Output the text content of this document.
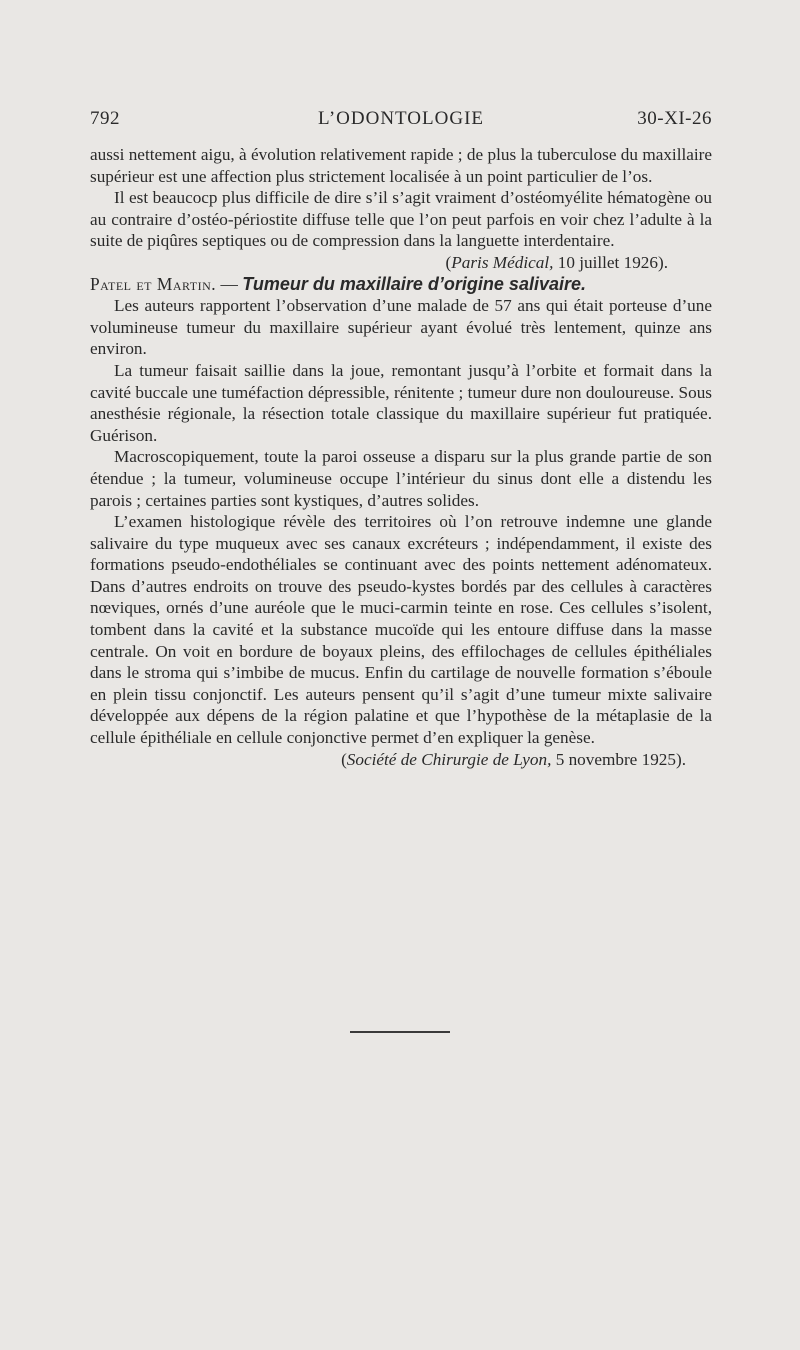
792	L’ODONTOLOGIE	30-XI-26

aussi nettement aigu, à évolution relativement rapide ; de plus la tuberculose du maxillaire supérieur est une affection plus strictement localisée à un point particulier de l’os.

Il est beaucocp plus difficile de dire s’il s’agit vraiment d’ostéomyélite hématogène ou au contraire d’ostéo-périostite diffuse telle que l’on peut parfois en voir chez l’adulte à la suite de piqûres septiques ou de compression dans la languette interdentaire.

(Paris Médical, 10 juillet 1926).

Patel et Martin. — Tumeur du maxillaire d’origine salivaire.

Les auteurs rapportent l’observation d’une malade de 57 ans qui était porteuse d’une volumineuse tumeur du maxillaire supérieur ayant évolué très lentement, quinze ans environ.

La tumeur faisait saillie dans la joue, remontant jusqu’à l’orbite et formait dans la cavité buccale une tuméfaction dépressible, rénitente ; tumeur dure non douloureuse. Sous anesthésie régionale, la résection totale classique du maxillaire supérieur fut pratiquée. Guérison.

Macroscopiquement, toute la paroi osseuse a disparu sur la plus grande partie de son étendue ; la tumeur, volumineuse occupe l’intérieur du sinus dont elle a distendu les parois ; certaines parties sont kystiques, d’autres solides.

L’examen histologique révèle des territoires où l’on retrouve indemne une glande salivaire du type muqueux avec ses canaux excréteurs ; indépendamment, il existe des formations pseudo-endothéliales se continuant avec des points nettement adénomateux. Dans d’autres endroits on trouve des pseudo-kystes bordés par des cellules à caractères nœviques, ornés d’une auréole que le muci-carmin teinte en rose. Ces cellules s’isolent, tombent dans la cavité et la substance mucoïde qui les entoure diffuse dans la masse centrale. On voit en bordure de boyaux pleins, des effilochages de cellules épithéliales dans le stroma qui s’imbibe de mucus. Enfin du cartilage de nouvelle formation s’éboule en plein tissu conjonctif. Les auteurs pensent qu’il s’agit d’une tumeur mixte salivaire développée aux dépens de la région palatine et que l’hypothèse de la métaplasie de la cellule épithéliale en cellule conjonctive permet d’en expliquer la genèse.

(Société de Chirurgie de Lyon, 5 novembre 1925).
